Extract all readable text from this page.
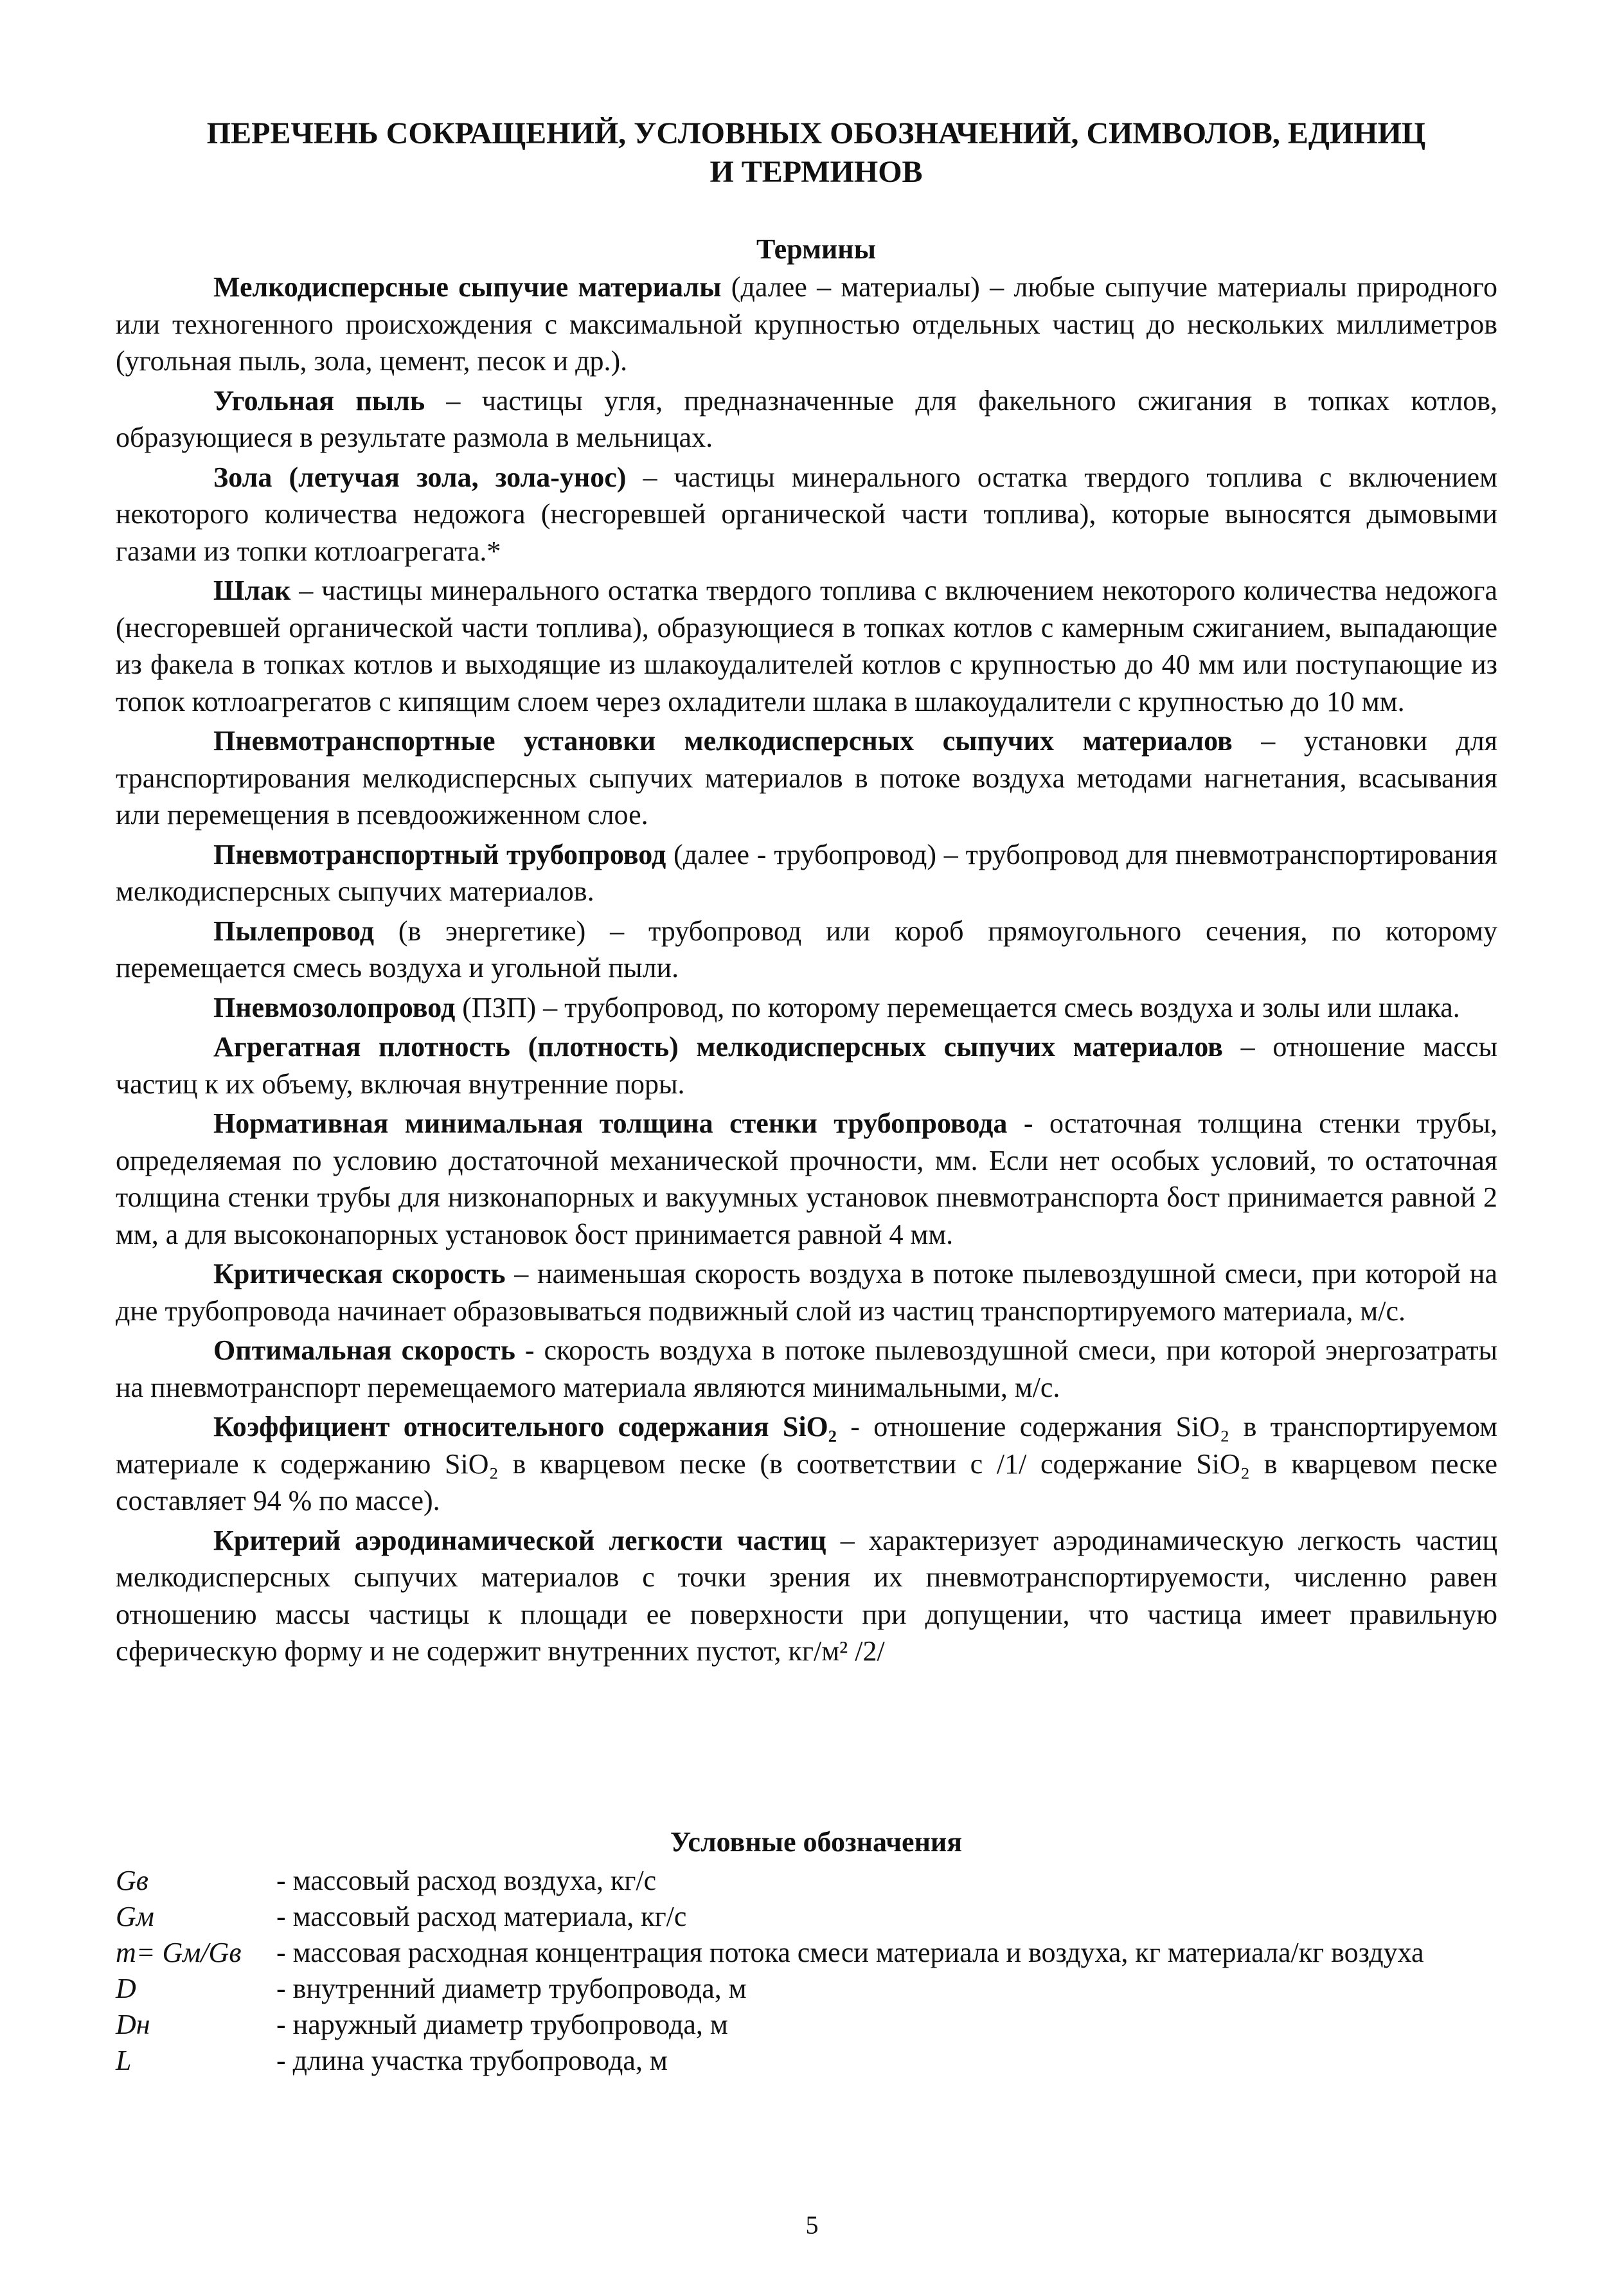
ПЕРЕЧЕНЬ СОКРАЩЕНИЙ, УСЛОВНЫХ ОБОЗНАЧЕНИЙ, СИМВОЛОВ, ЕДИНИЦ
И ТЕРМИНОВ
Термины

Мелкодисперсные сыпучие материалы (далее – материалы) – любые сыпучие материалы природного или техногенного происхождения с максимальной крупностью отдельных частиц до нескольких миллиметров (угольная пыль, зола, цемент, песок и др.).

Угольная пыль – частицы угля, предназначенные для факельного сжигания в топках котлов, образующиеся в результате размола в мельницах.

Зола (летучая зола, зола-унос) – частицы минерального остатка твердого топлива с включением некоторого количества недожога (несгоревшей органической части топлива), которые выносятся дымовыми газами из топки котлоагрегата.*

Шлак – частицы минерального остатка твердого топлива с включением некоторого количества недожога (несгоревшей органической части топлива), образующиеся в топках котлов с камерным сжиганием, выпадающие из факела в топках котлов и выходящие из шлакоудалителей котлов с крупностью до 40 мм или поступающие из топок котлоагрегатов с кипящим слоем через охладители шлака в шлакоудалители с крупностью до 10 мм.

Пневмотранспортные установки мелкодисперсных сыпучих материалов – установки для транспортирования мелкодисперсных сыпучих материалов в потоке воздуха методами нагнетания, всасывания или перемещения в псевдоожиженном слое.

Пневмотранспортный трубопровод (далее - трубопровод) – трубопровод для пневмотранспортирования мелкодисперсных сыпучих материалов.

Пылепровод (в энергетике) – трубопровод или короб прямоугольного сечения, по которому перемещается смесь воздуха и угольной пыли.

Пневмозолопровод (ПЗП) – трубопровод, по которому перемещается смесь воздуха и золы или шлака.

Агрегатная плотность (плотность) мелкодисперсных сыпучих материалов – отношение массы частиц к их объему, включая внутренние поры.

Нормативная минимальная толщина стенки трубопровода - остаточная толщина стенки трубы, определяемая по условию достаточной механической прочности, мм. Если нет особых условий, то остаточная толщина стенки трубы для низконапорных и вакуумных установок пневмотранспорта δост принимается равной 2 мм, а для высоконапорных установок δост принимается равной 4 мм.

Критическая скорость – наименьшая скорость воздуха в потоке пылевоздушной смеси, при которой на дне трубопровода начинает образовываться подвижный слой из частиц транспортируемого материала, м/с.

Оптимальная скорость - скорость воздуха в потоке пылевоздушной смеси, при которой энергозатраты на пневмотранспорт перемещаемого материала являются минимальными, м/с.

Коэффициент относительного содержания SiO₂ - отношение содержания SiO₂ в транспортируемом материале к содержанию SiO₂ в кварцевом песке (в соответствии с /1/ содержание SiO₂ в кварцевом песке составляет 94 % по массе).

Критерий аэродинамической легкости частиц – характеризует аэродинамическую легкость частиц мелкодисперсных сыпучих материалов с точки зрения их пневмотранспортируемости, численно равен отношению массы частицы к площади ее поверхности при допущении, что частица имеет правильную сферическую форму и не содержит внутренних пустот, кг/м² /2/

Условные обозначения
Gв	- массовый расход воздуха, кг/с
Gм	- массовый расход материала, кг/с
m= Gм/Gв	- массовая расходная концентрация потока смеси материала и воздуха, кг материала/кг воздуха
D	- внутренний диаметр трубопровода, м
Dн	- наружный диаметр трубопровода, м
L	- длина участка трубопровода, м
5
